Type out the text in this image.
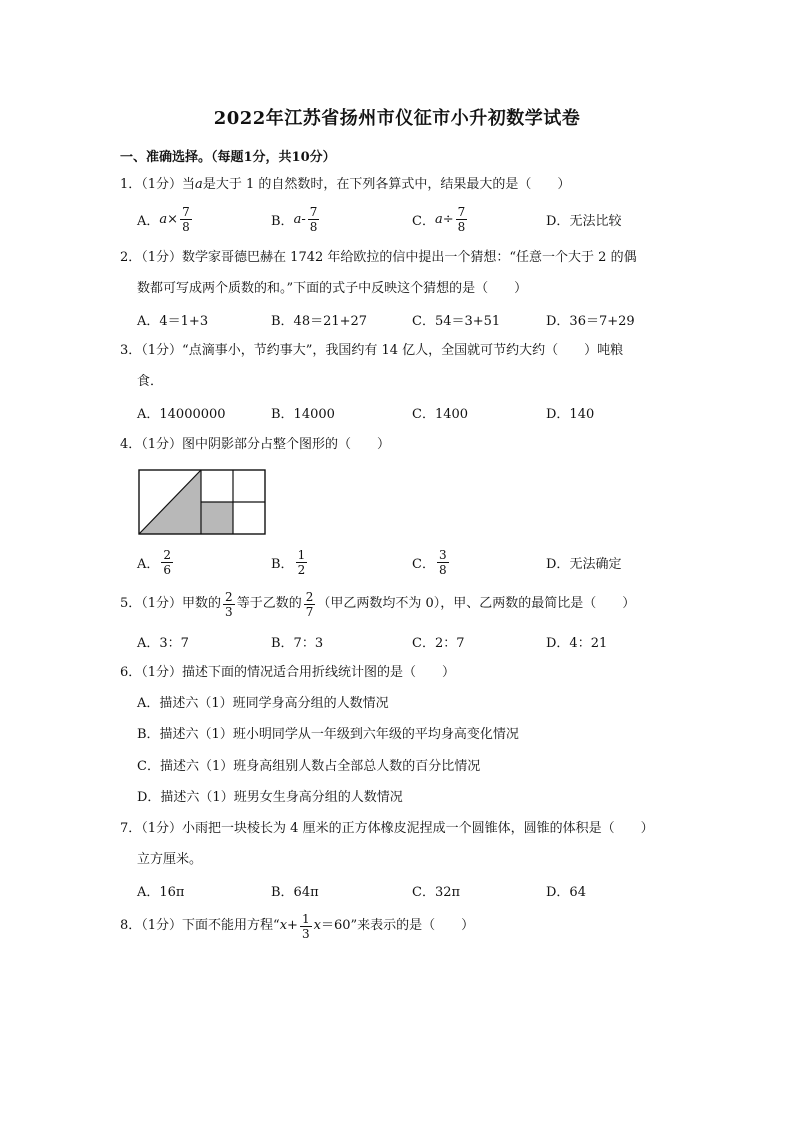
2022年江苏省扬州市仪征市小升初数学试卷
一、准确选择。（每题1分，共10分）
1．（1分）当a是大于 1 的自然数时，在下列各算式中，结果最大的是（　　）
A． $a \times \frac{7}{8}$	B． a - $\frac{7}{8}$	C． $a \div \frac{7}{8}$	D． 无法比较
2．（1分）数学家哥德巴赫在 1742 年给欧拉的信中提出一个猜想：“任意一个大于 2 的偶
数都可写成两个质数的和。”下面的式子中反映这个猜想的是（　　）
A．4＝1+3	B．48＝21+27	C．54＝3+51	D．36＝7+29
3．（1分）“点滴事小，节约事大”，我国约有 14 亿人，全国就可节约大约（　　）吨粮
食．
A．14000000	B．14000	C．1400	D．140
4．（1分）图中阴影部分占整个图形的（　　）
A． $\frac{2}{6}$	B． $\frac{1}{2}$	C． $\frac{3}{8}$	D． 无法确定
5．（1分）甲数的 $\frac{2}{3}$ 等于乙数的 $\frac{2}{7}$ （甲乙两数均不为 0），甲、乙两数的最简比是（　　）
A．3：7	B．7：3	C．2：7	D．4：21
6．（1分）描述下面的情况适合用折线统计图的是（　　）
A．描述六（1）班同学身高分组的人数情况
B．描述六（1）班小明同学从一年级到六年级的平均身高变化情况
C．描述六（1）班身高组别人数占全部总人数的百分比情况
D．描述六（1）班男女生身高分组的人数情况
7．（1分）小雨把一块棱长为 4 厘米的正方体橡皮泥捏成一个圆锥体，圆锥的体积是（　　）
立方厘米。
A．16π	B．64π	C．32π	D．64
8．（1分）下面不能用方程“ $x + \frac{1}{3}$ x ＝60”来表示的是（　　）
